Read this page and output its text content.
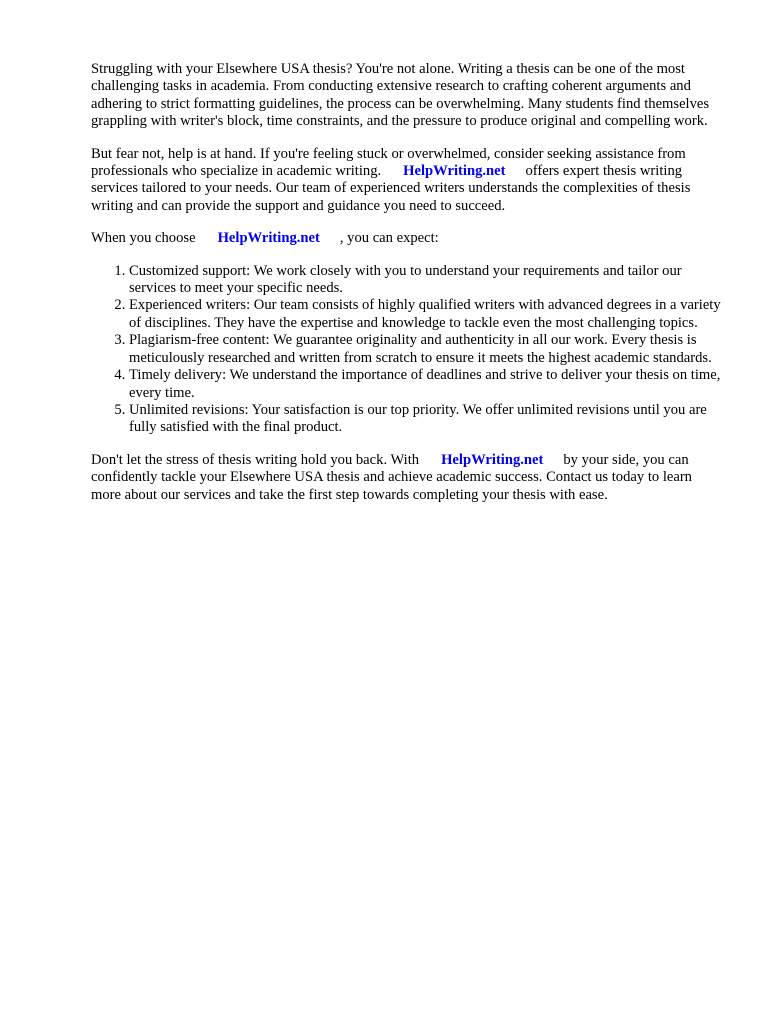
Struggling with your Elsewhere USA thesis? You're not alone. Writing a thesis can be one of the most challenging tasks in academia. From conducting extensive research to crafting coherent arguments and adhering to strict formatting guidelines, the process can be overwhelming. Many students find themselves grappling with writer's block, time constraints, and the pressure to produce original and compelling work.

But fear not, help is at hand. If you're feeling stuck or overwhelmed, consider seeking assistance from professionals who specialize in academic writing. HelpWriting.net offers expert thesis writing services tailored to your needs. Our team of experienced writers understands the complexities of thesis writing and can provide the support and guidance you need to succeed.

When you choose HelpWriting.net , you can expect:

1. Customized support: We work closely with you to understand your requirements and tailor our services to meet your specific needs.
2. Experienced writers: Our team consists of highly qualified writers with advanced degrees in a variety of disciplines. They have the expertise and knowledge to tackle even the most challenging topics.
3. Plagiarism-free content: We guarantee originality and authenticity in all our work. Every thesis is meticulously researched and written from scratch to ensure it meets the highest academic standards.
4. Timely delivery: We understand the importance of deadlines and strive to deliver your thesis on time, every time.
5. Unlimited revisions: Your satisfaction is our top priority. We offer unlimited revisions until you are fully satisfied with the final product.

Don't let the stress of thesis writing hold you back. With HelpWriting.net by your side, you can confidently tackle your Elsewhere USA thesis and achieve academic success. Contact us today to learn more about our services and take the first step towards completing your thesis with ease.
